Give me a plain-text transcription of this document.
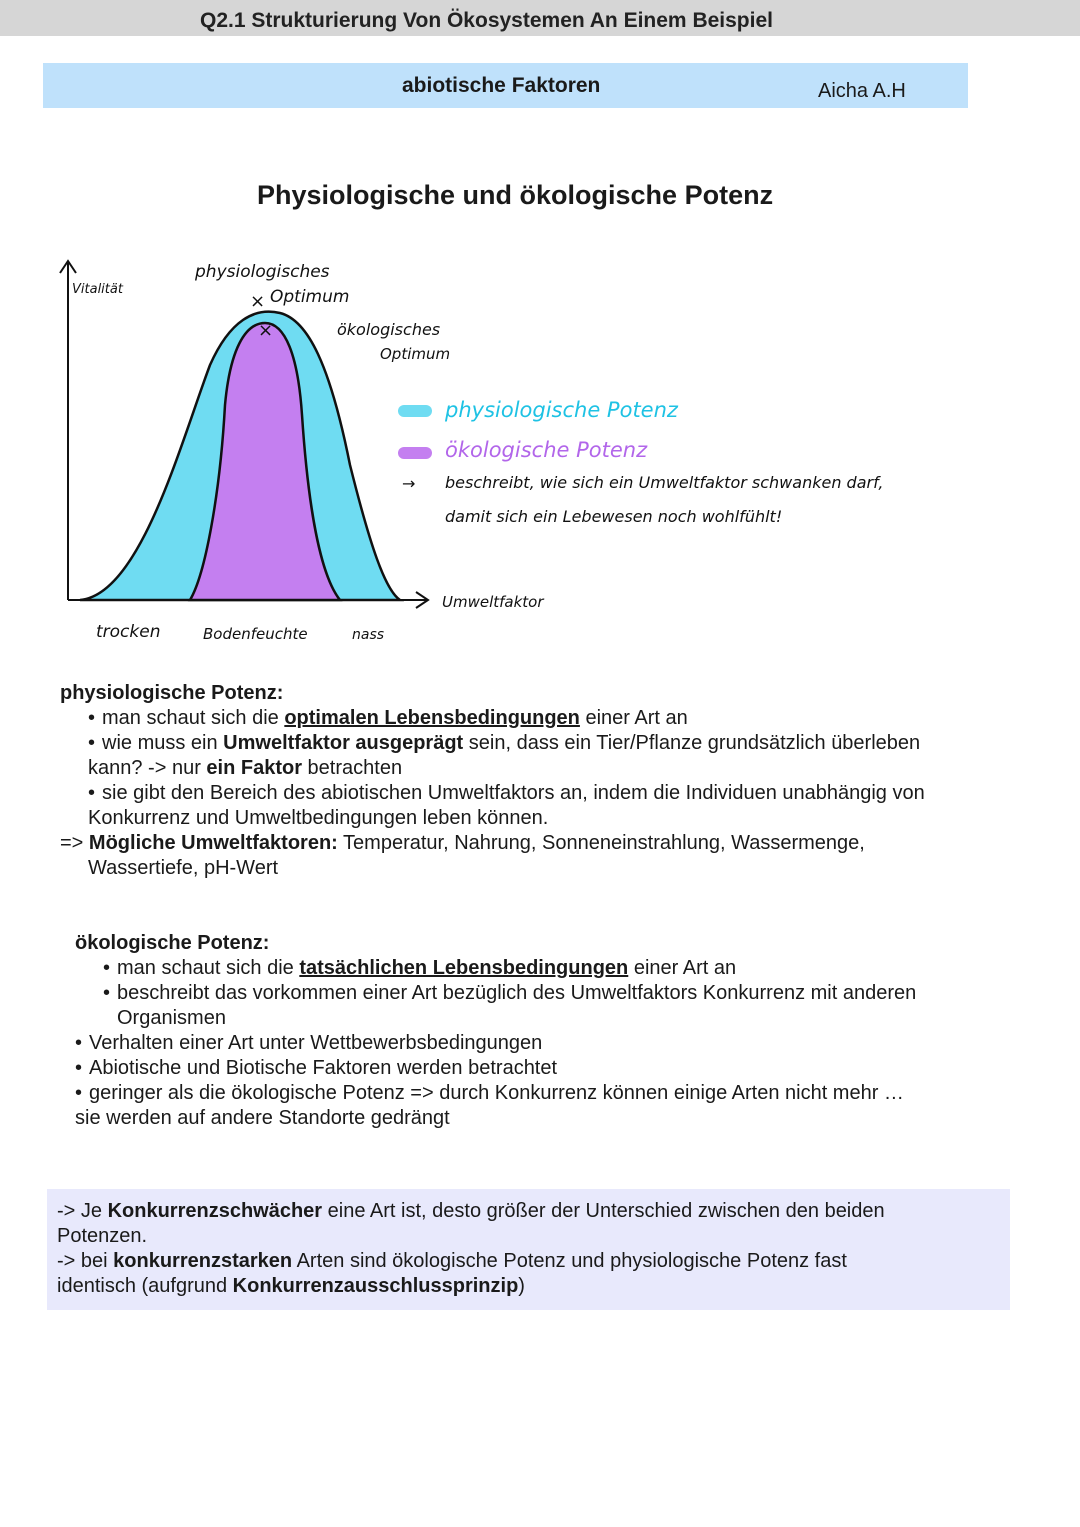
Q2.1 Strukturierung Von Ökosystemen An Einem Beispiel
abiotische Faktoren	Aicha A.H
Physiologische und ökologische Potenz
×
×
Vitalität
Umweltfaktor
trocken	Bodenfeuchte	nass
physiologisches
Optimum
ökologisches
Optimum
physiologische Potenz
ökologische Potenz
→ beschreibt, wie sich ein Umweltfaktor schwanken darf,
damit sich ein Lebewesen noch wohlfühlt!
physiologische Potenz:
• man schaut sich die optimalen Lebensbedingungen einer Art an
• wie muss ein Umweltfaktor ausgeprägt sein, dass ein Tier/Pflanze grundsätzlich überleben
kann? -> nur ein Faktor betrachten
• sie gibt den Bereich des abiotischen Umweltfaktors an, indem die Individuen unabhängig von
Konkurrenz und Umweltbedingungen leben können.
=> Mögliche Umweltfaktoren: Temperatur, Nahrung, Sonneneinstrahlung, Wassermenge,
Wassertiefe, pH-Wert
ökologische Potenz:
• man schaut sich die tatsächlichen Lebensbedingungen einer Art an
• beschreibt das vorkommen einer Art bezüglich des Umweltfaktors Konkurrenz mit anderen
Organismen
• Verhalten einer Art unter Wettbewerbsbedingungen
• Abiotische und Biotische Faktoren werden betrachtet
• geringer als die ökologische Potenz => durch Konkurrenz können einige Arten nicht mehr …
sie werden auf andere Standorte gedrängt
-> Je Konkurrenzschwächer eine Art ist, desto größer der Unterschied zwischen den beiden
Potenzen.
-> bei konkurrenzstarken Arten sind ökologische Potenz und physiologische Potenz fast
identisch (aufgrund Konkurrenzausschlussprinzip)
